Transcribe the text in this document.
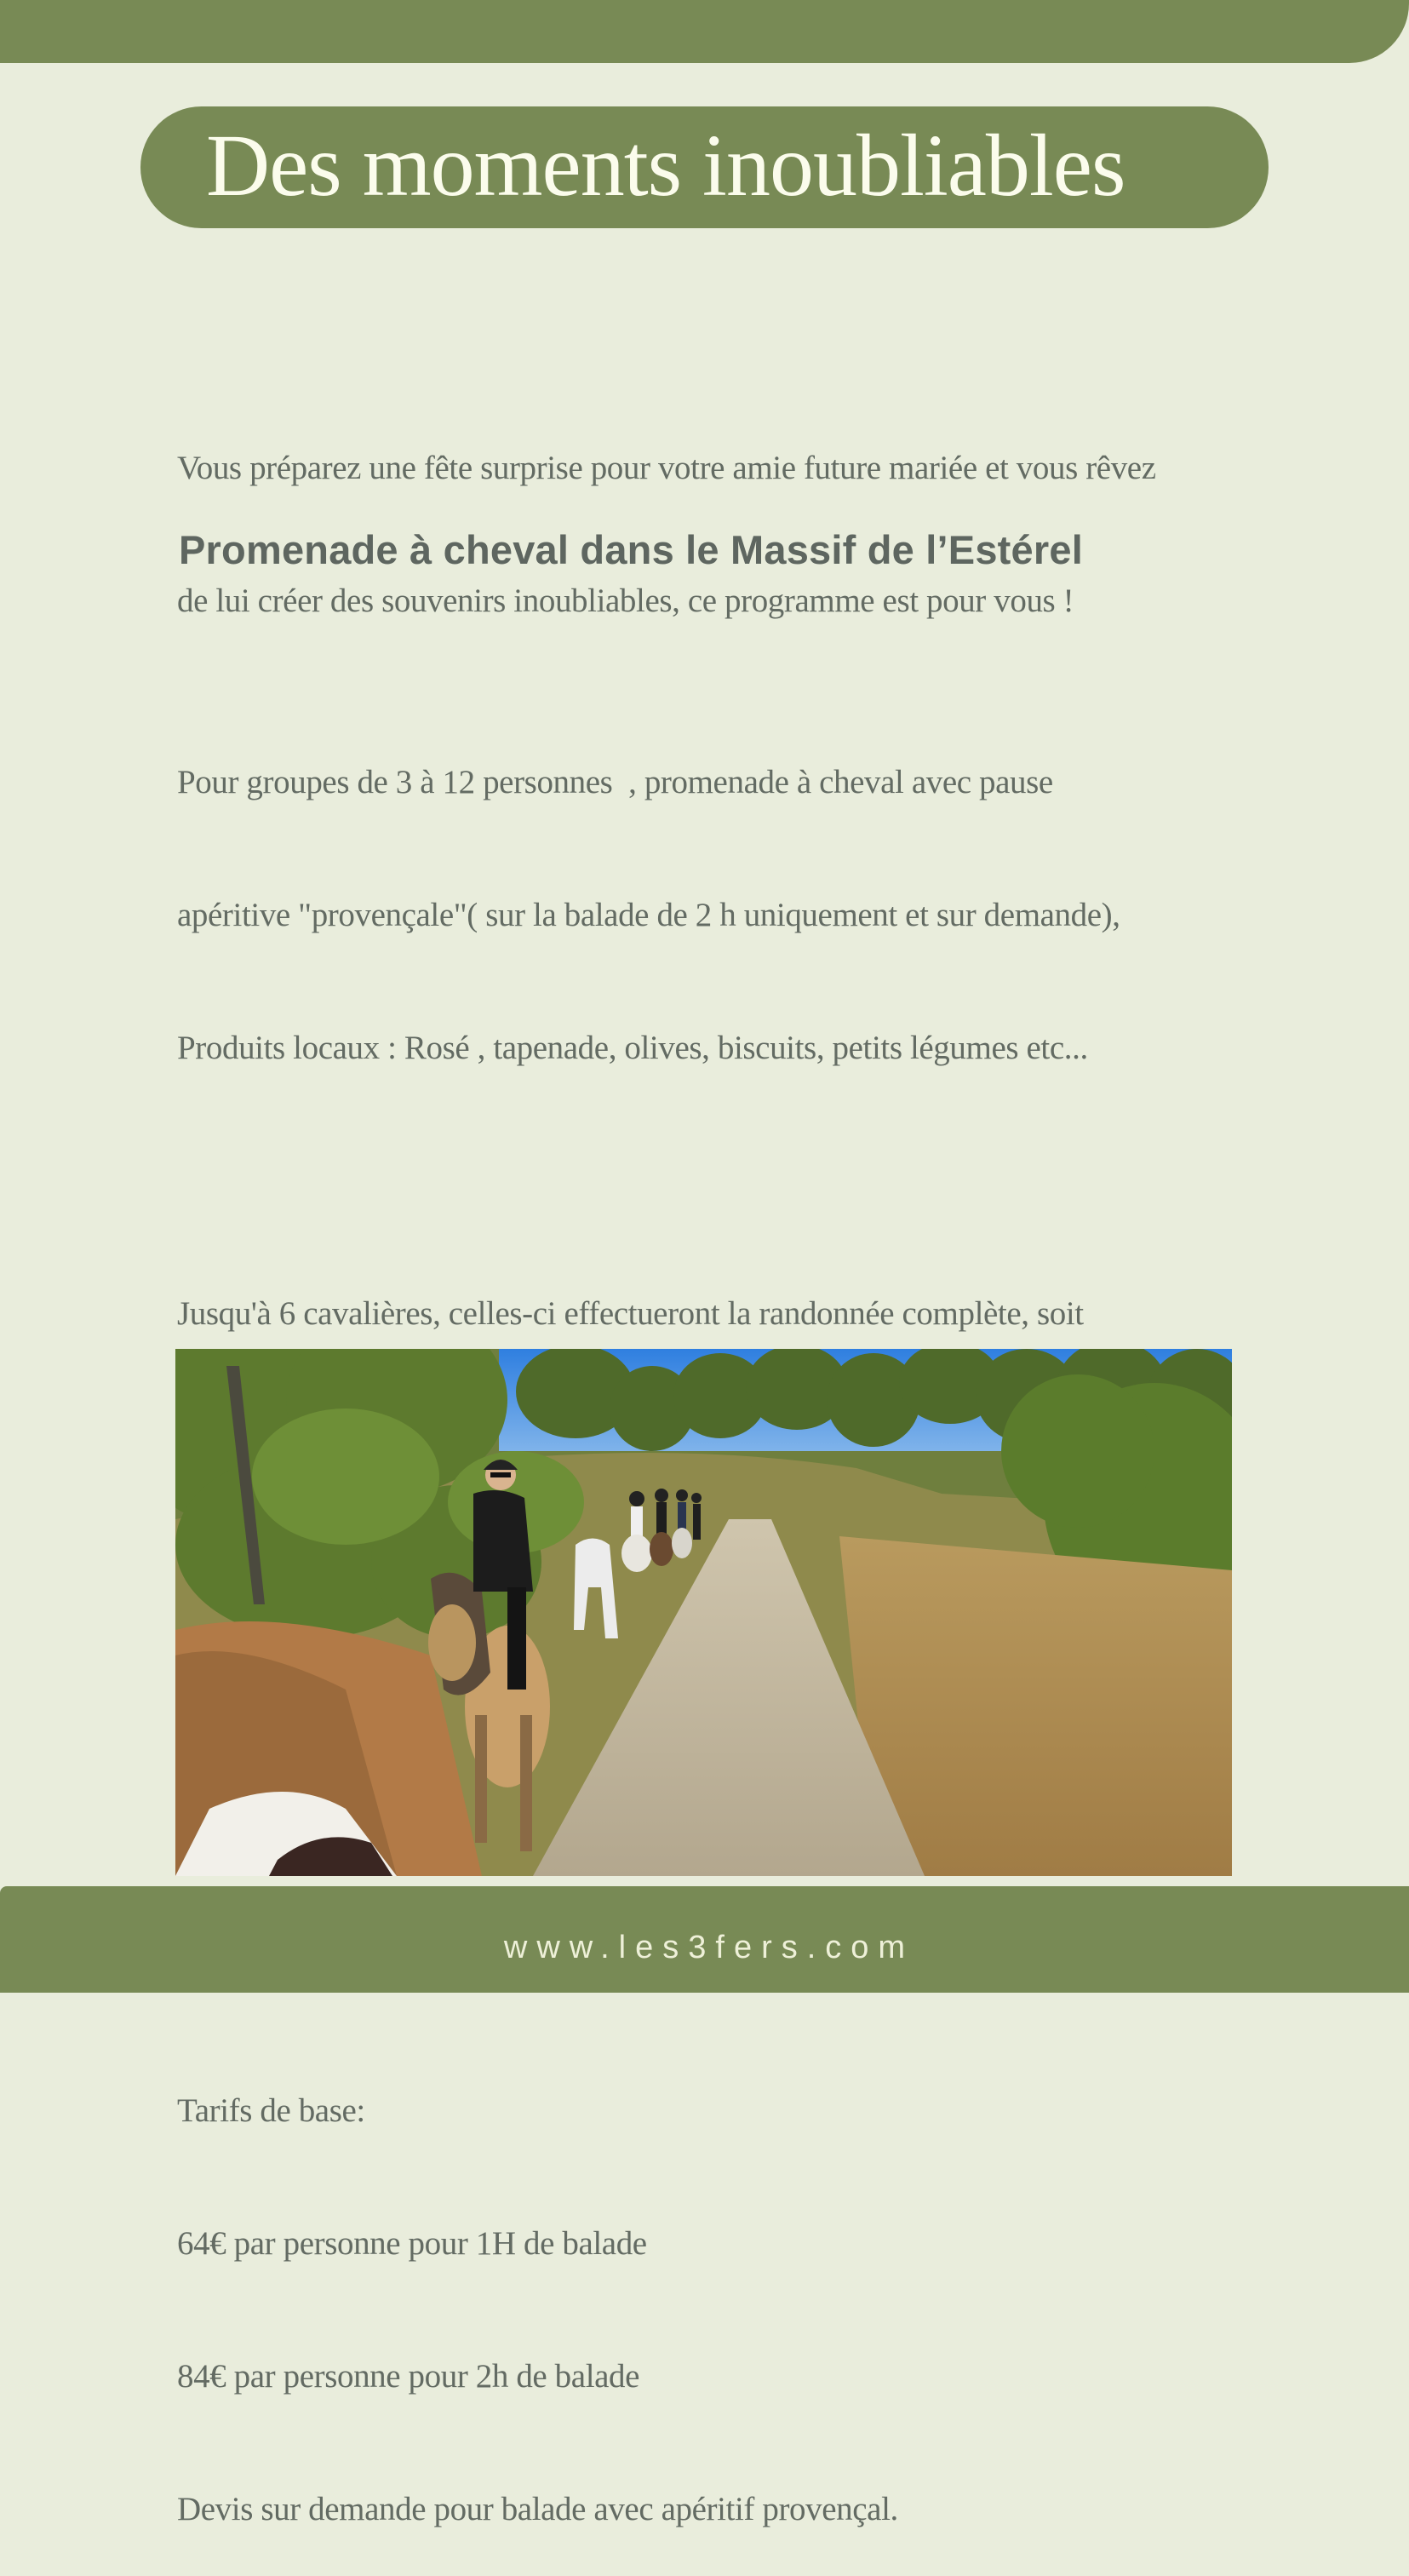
Des moments inoubliables

Vous préparez une fête surprise pour votre amie future mariée et vous rêvez

de lui créer des souvenirs inoubliables, ce programme est pour vous !

Promenade à cheval dans le Massif de l’Estérel

Pour groupes de 3 à 12 personnes  , promenade à cheval avec pause

apéritive "provençale"( sur la balade de 2 h uniquement et sur demande),

Produits locaux : Rosé , tapenade, olives, biscuits, petits légumes etc...

Jusqu'à 6 cavalières, celles-ci effectueront la randonnée complète, soit

Tarifs de base:

64€ par personne pour 1H de balade

84€ par personne pour 2h de balade

Devis sur demande pour balade avec apéritif provençal.

www.les3fers.com
